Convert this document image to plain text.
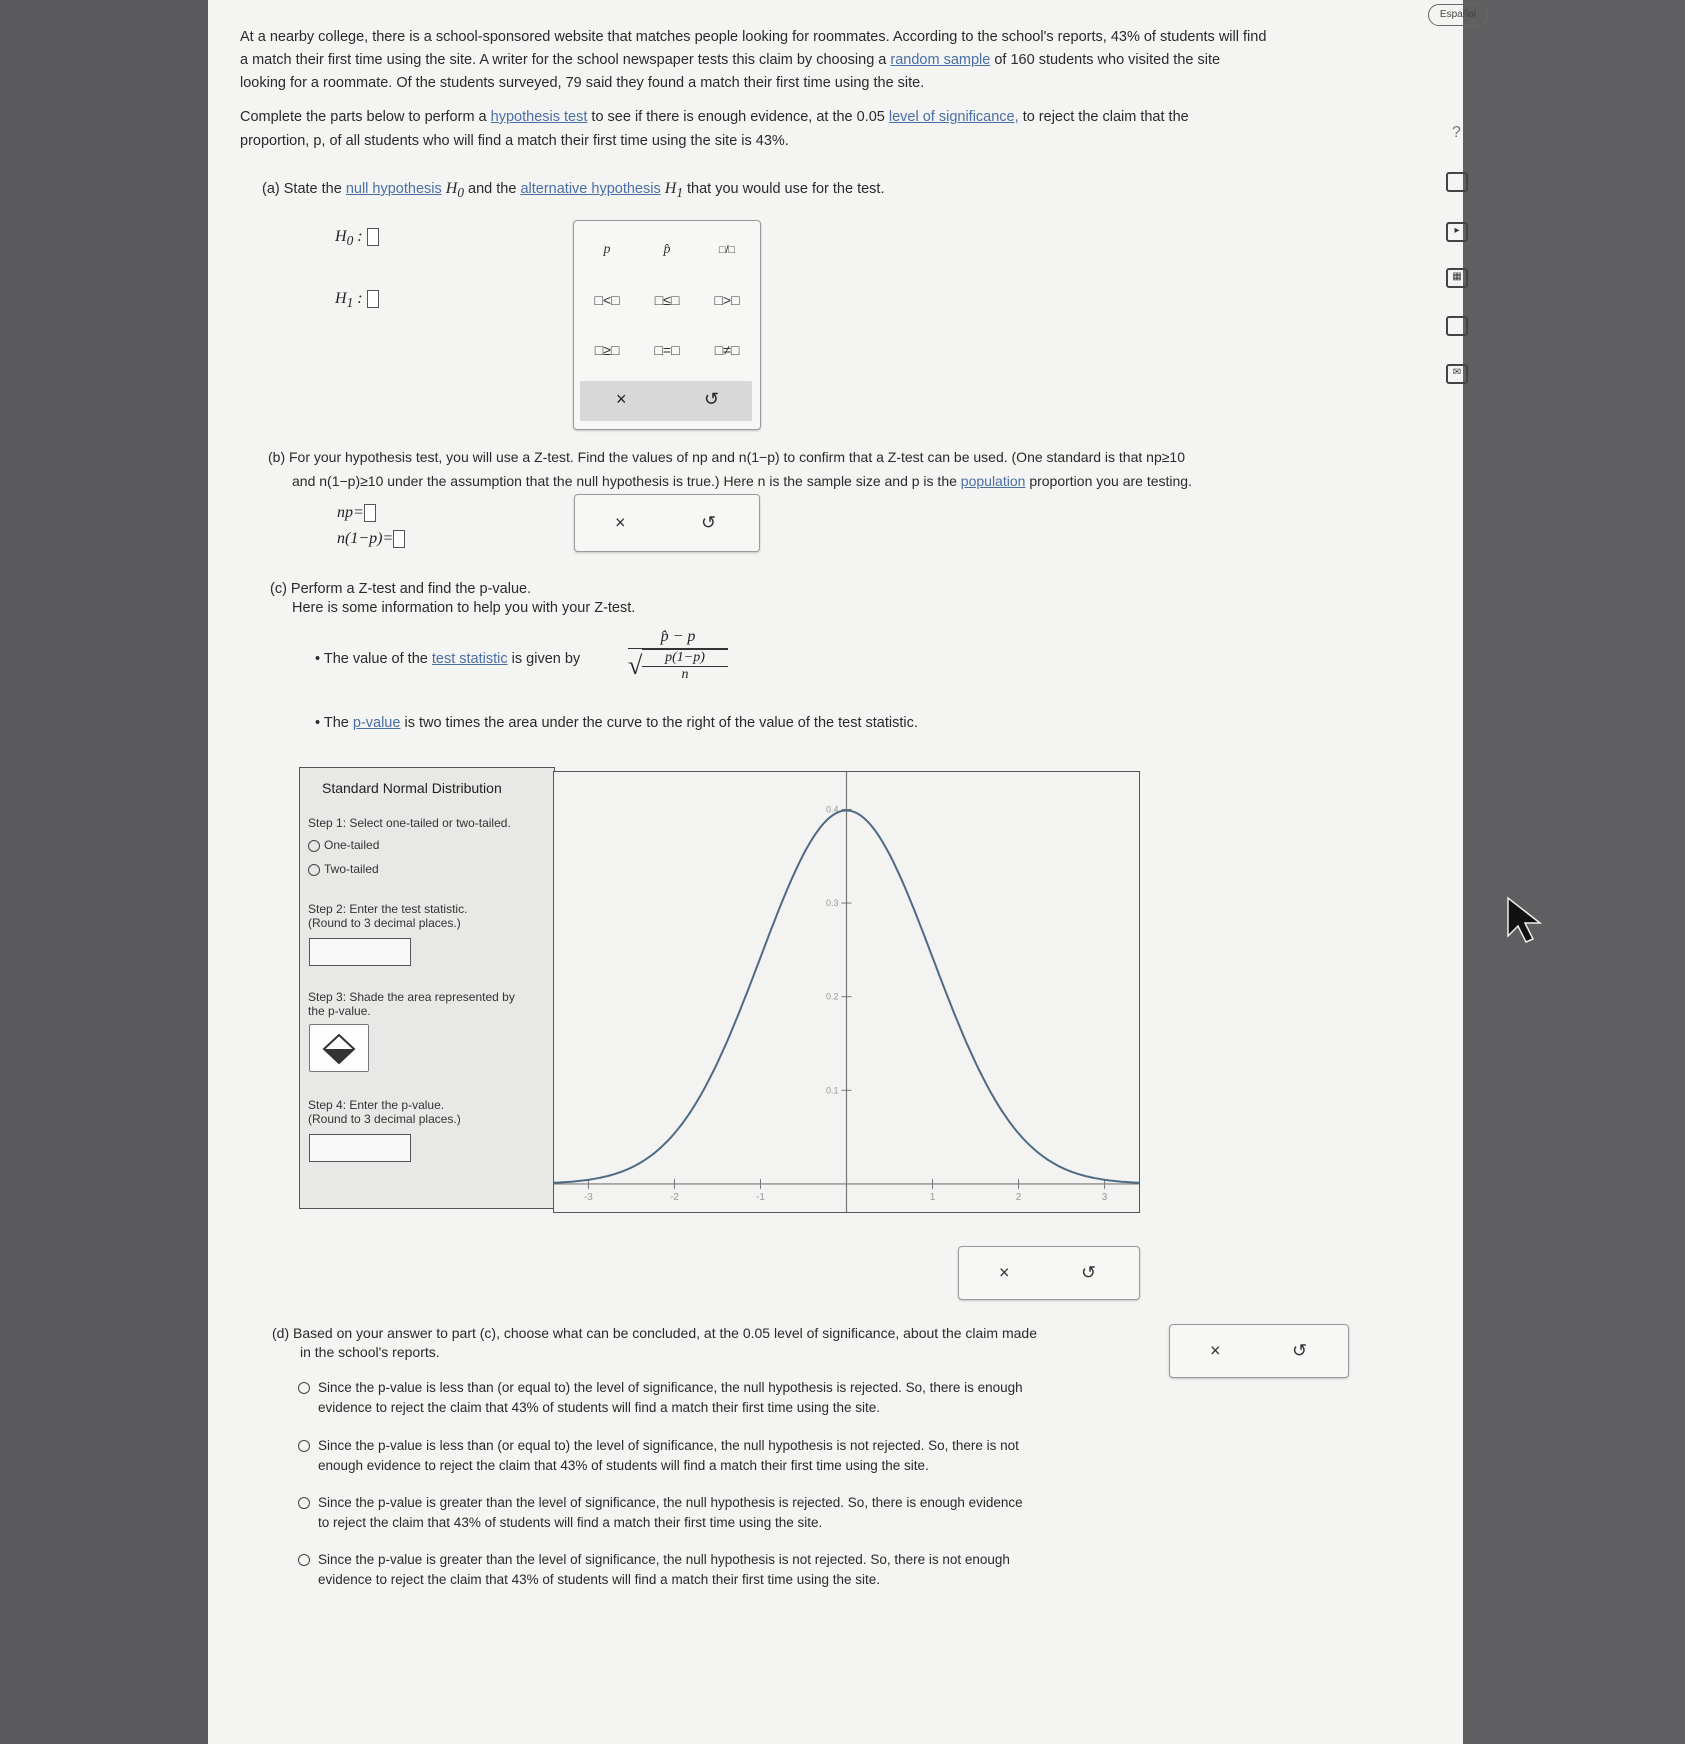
Español

At a nearby college, there is a school-sponsored website that matches people looking for roommates. According to the school's reports, 43% of students will find

a match their first time using the site. A writer for the school newspaper tests this claim by choosing a random sample of 160 students who visited the site

looking for a roommate. Of the students surveyed, 79 said they found a match their first time using the site.

Complete the parts below to perform a hypothesis test to see if there is enough evidence, at the 0.05 level of significance, to reject the claim that the

proportion, p, of all students who will find a match their first time using the site is 43%.

(a) State the null hypothesis $H_0$ and the alternative hypothesis $H_1$ that you would use for the test.

$H_0$ :
$H_1$ :
p	p̂	□/□
□<□	□≤□	□>□
□≥□	□=□	□≠□
×	↺

(b) For your hypothesis test, you will use a Z-test. Find the values of np and n(1−p) to confirm that a Z-test can be used. (One standard is that np≥10

and n(1−p)≥10 under the assumption that the null hypothesis is true.) Here n is the sample size and p is the population proportion you are testing.

np=
n(1−p)=
×	↺

(c) Perform a Z-test and find the p-value.

Here is some information to help you with your Z-test.

• The value of the test statistic is given by	p̂ − p
√	p(1−p)
n

• The p-value is two times the area under the curve to the right of the value of the test statistic.

Standard Normal Distribution
Step 1: Select one-tailed or two-tailed.
One-tailed
Two-tailed
Step 2: Enter the test statistic.
(Round to 3 decimal places.)
Step 3: Shade the area represented by
the p-value.
Step 4: Enter the p-value.
(Round to 3 decimal places.)
-3	-2	-1	1	2	3
0.1
0.2
0.3
0.4
×	↺

(d) Based on your answer to part (c), choose what can be concluded, at the 0.05 level of significance, about the claim made

in the school's reports.

Since the p-value is less than (or equal to) the level of significance, the null hypothesis is rejected. So, there is enough
evidence to reject the claim that 43% of students will find a match their first time using the site.
Since the p-value is less than (or equal to) the level of significance, the null hypothesis is not rejected. So, there is not
enough evidence to reject the claim that 43% of students will find a match their first time using the site.
Since the p-value is greater than the level of significance, the null hypothesis is rejected. So, there is enough evidence
to reject the claim that 43% of students will find a match their first time using the site.
Since the p-value is greater than the level of significance, the null hypothesis is not rejected. So, there is not enough
evidence to reject the claim that 43% of students will find a match their first time using the site.
×	↺
?
▸
▦
✉
